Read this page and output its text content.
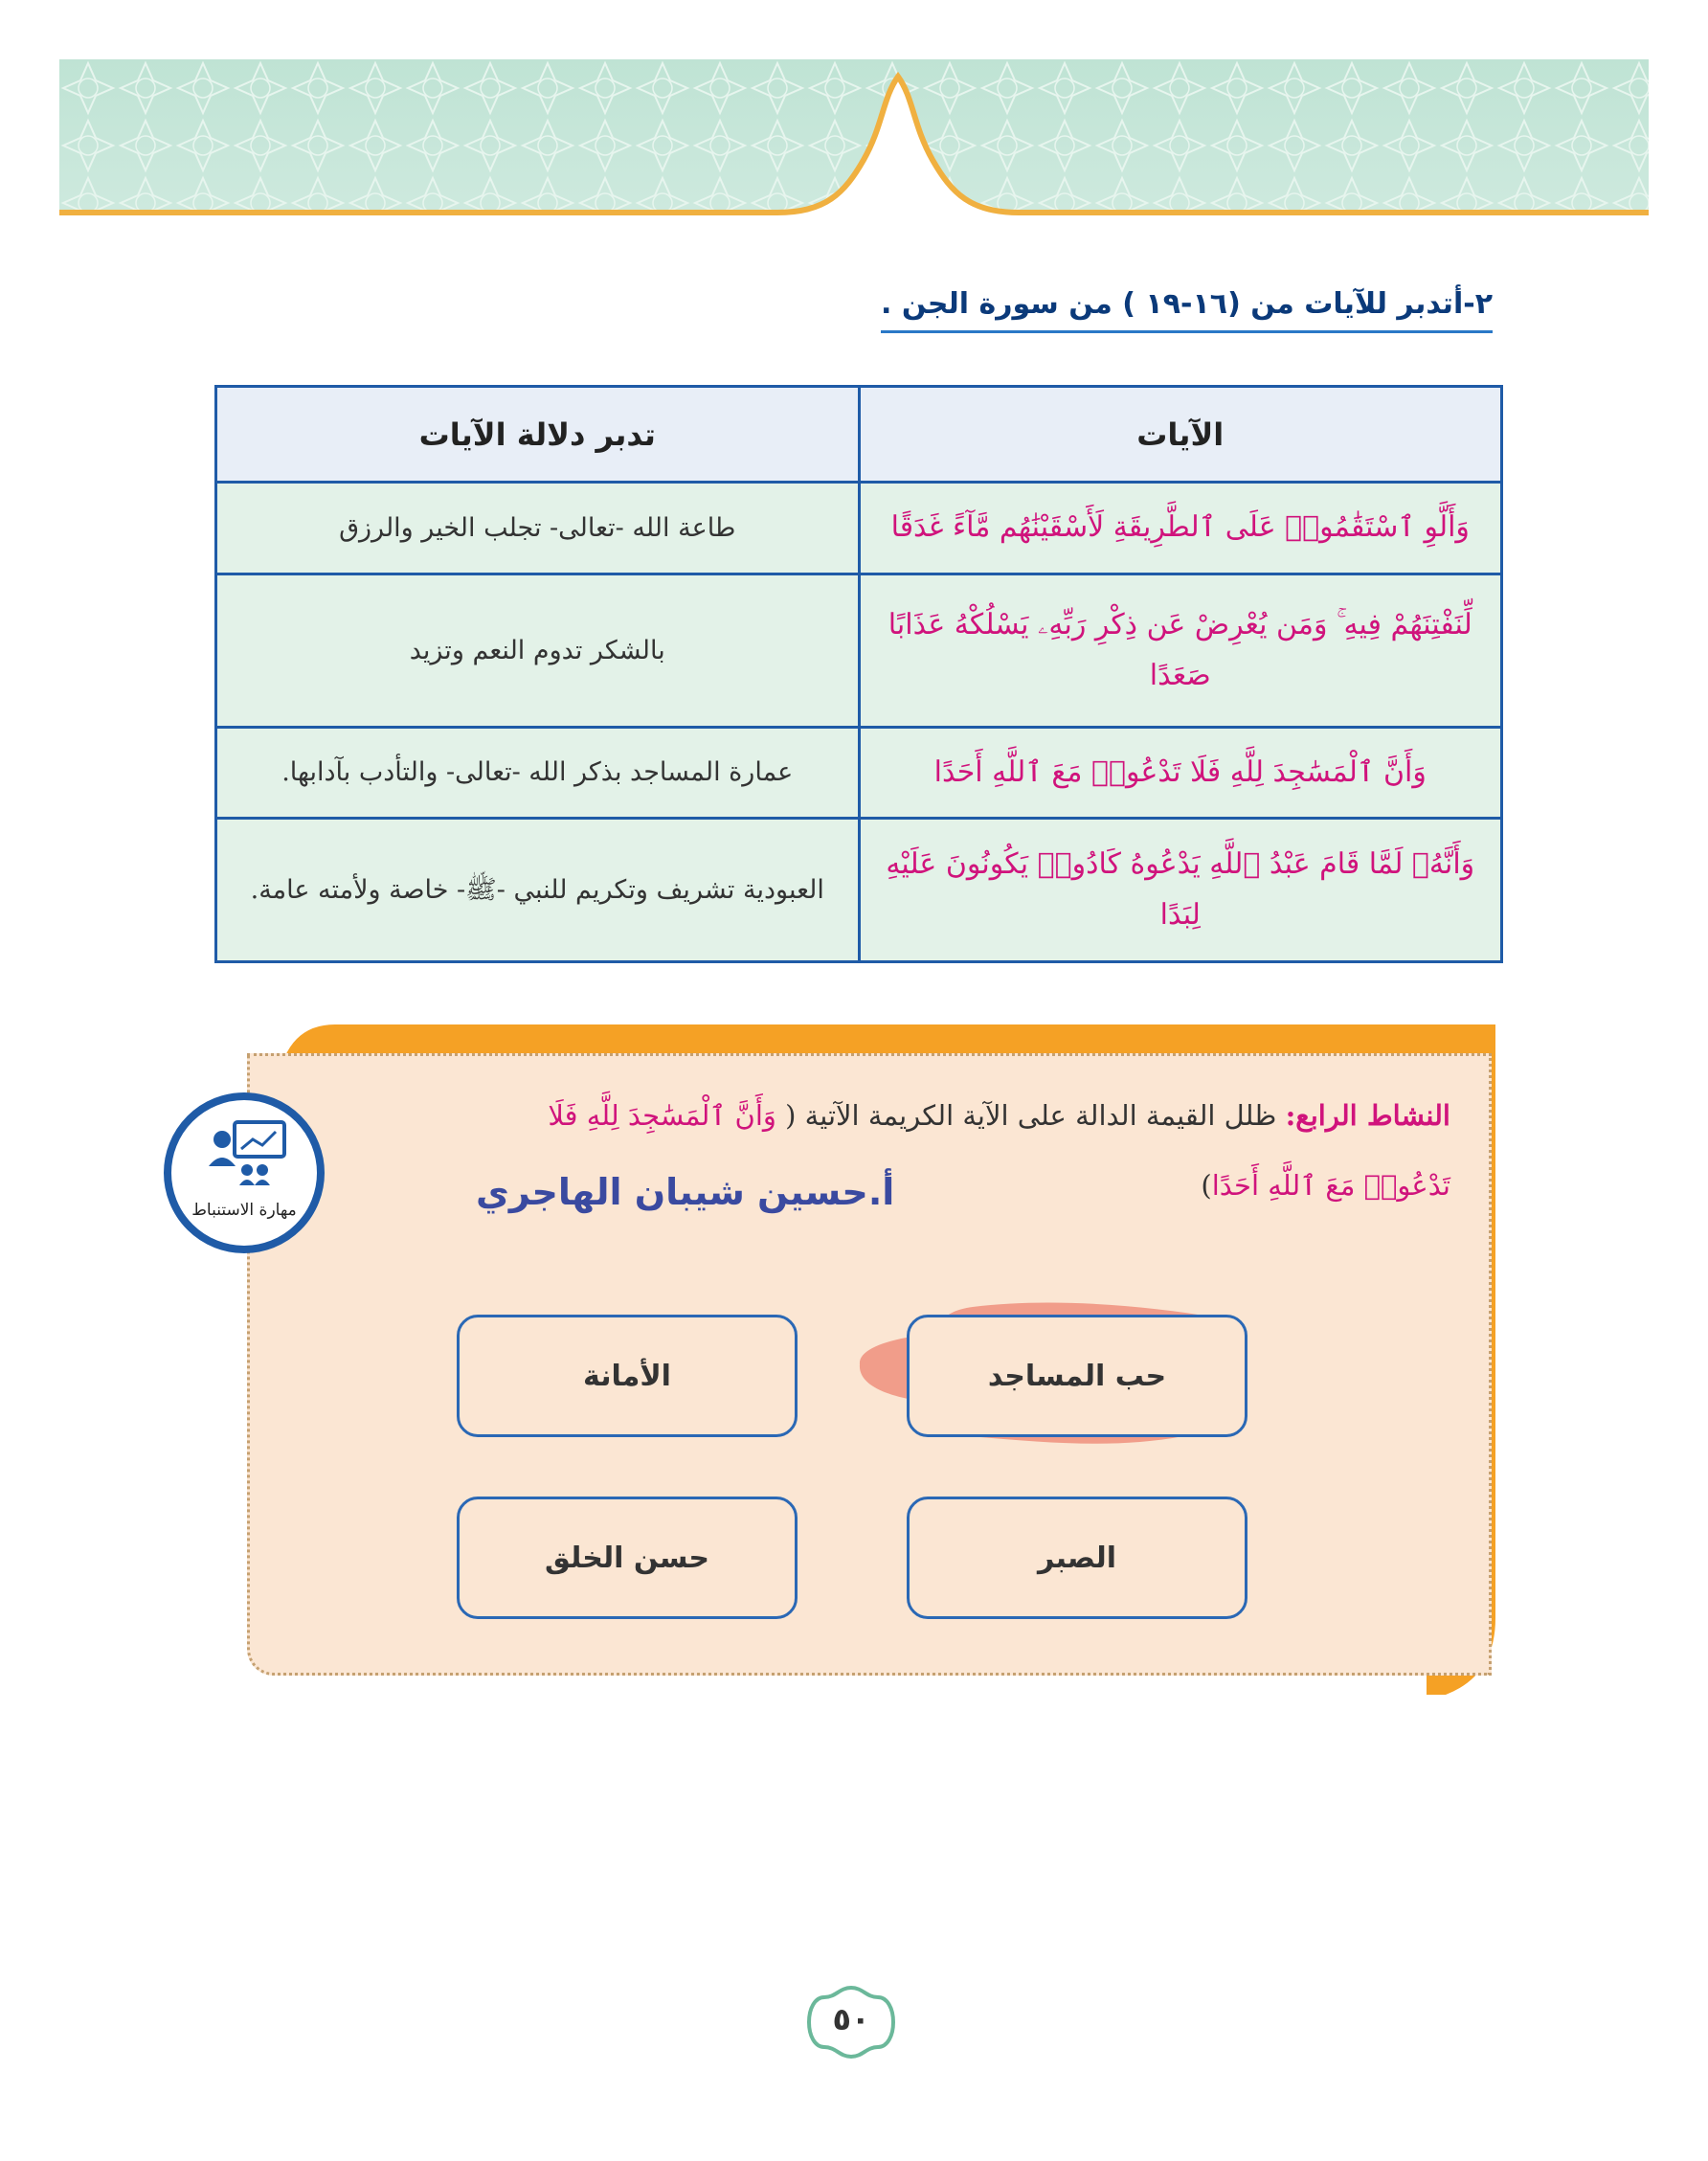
٢-أتدبر للآيات من (١٦-١٩ ) من سورة الجن .
الآيات	تدبر دلالة الآيات
وَأَلَّوِ ٱسْتَقَٰمُوا۟ عَلَى ٱلطَّرِيقَةِ لَأَسْقَيْنَٰهُم مَّآءً غَدَقًا	طاعة الله -تعالى- تجلب الخير والرزق
لِّنَفْتِنَهُمْ فِيهِ ۚ وَمَن يُعْرِضْ عَن ذِكْرِ رَبِّهِۦ يَسْلُكْهُ عَذَابًا صَعَدًا	بالشكر تدوم النعم وتزيد
وَأَنَّ ٱلْمَسَٰجِدَ لِلَّهِ فَلَا تَدْعُوا۟ مَعَ ٱللَّهِ أَحَدًا	عمارة المساجد بذكر الله -تعالى- والتأدب بآدابها.
وَأَنَّهُۥ لَمَّا قَامَ عَبْدُ ٱللَّهِ يَدْعُوهُ كَادُوا۟ يَكُونُونَ عَلَيْهِ لِبَدًا	العبودية تشريف وتكريم للنبي -ﷺ- خاصة ولأمته عامة.
النشاط الرابع: ظلل القيمة الدالة على الآية الكريمة الآتية ( وَأَنَّ ٱلْمَسَٰجِدَ لِلَّهِ فَلَا
تَدْعُوا۟ مَعَ ٱللَّهِ أَحَدًا)
أ.حسين شيبان الهاجري
حب المساجد
الأمانة
الصبر
حسن الخلق
مهارة الاستنباط
٥٠
